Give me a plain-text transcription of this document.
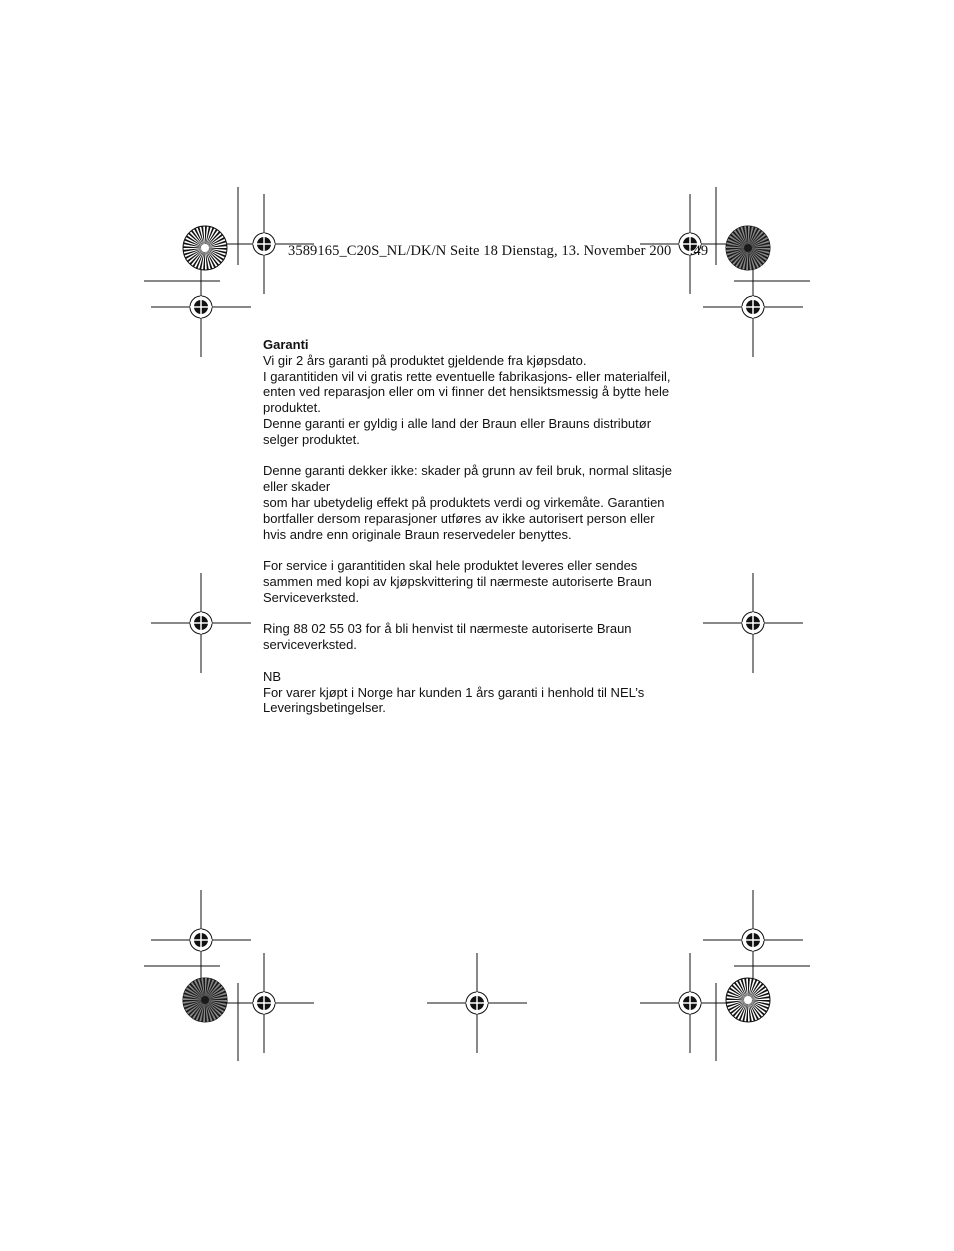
3589165_C20S_NL/DK/N Seite 18 Dienstag, 13. November 200 :49
Garanti

Vi gir 2 års garanti på produktet gjeldende fra kjøpsdato.

I garantitiden vil vi gratis rette eventuelle fabrikasjons- eller materialfeil,

enten ved reparasjon eller om vi finner det hensiktsmessig å bytte hele

produktet.

Denne garanti er gyldig i alle land der Braun eller Brauns distributør

selger produktet.

Denne garanti dekker ikke: skader på grunn av feil bruk, normal slitasje

eller skader

som har ubetydelig effekt på produktets verdi og virkemåte. Garantien

bortfaller dersom reparasjoner utføres av ikke autorisert person eller

hvis andre enn originale Braun reservedeler benyttes.

For service i garantitiden skal hele produktet leveres eller sendes

sammen med kopi av kjøpskvittering til nærmeste autoriserte Braun

Serviceverksted.

Ring 88 02 55 03 for å bli henvist til nærmeste autoriserte Braun

serviceverksted.

NB

For varer kjøpt i Norge har kunden 1 års garanti i henhold til NEL’s

Leveringsbetingelser.
